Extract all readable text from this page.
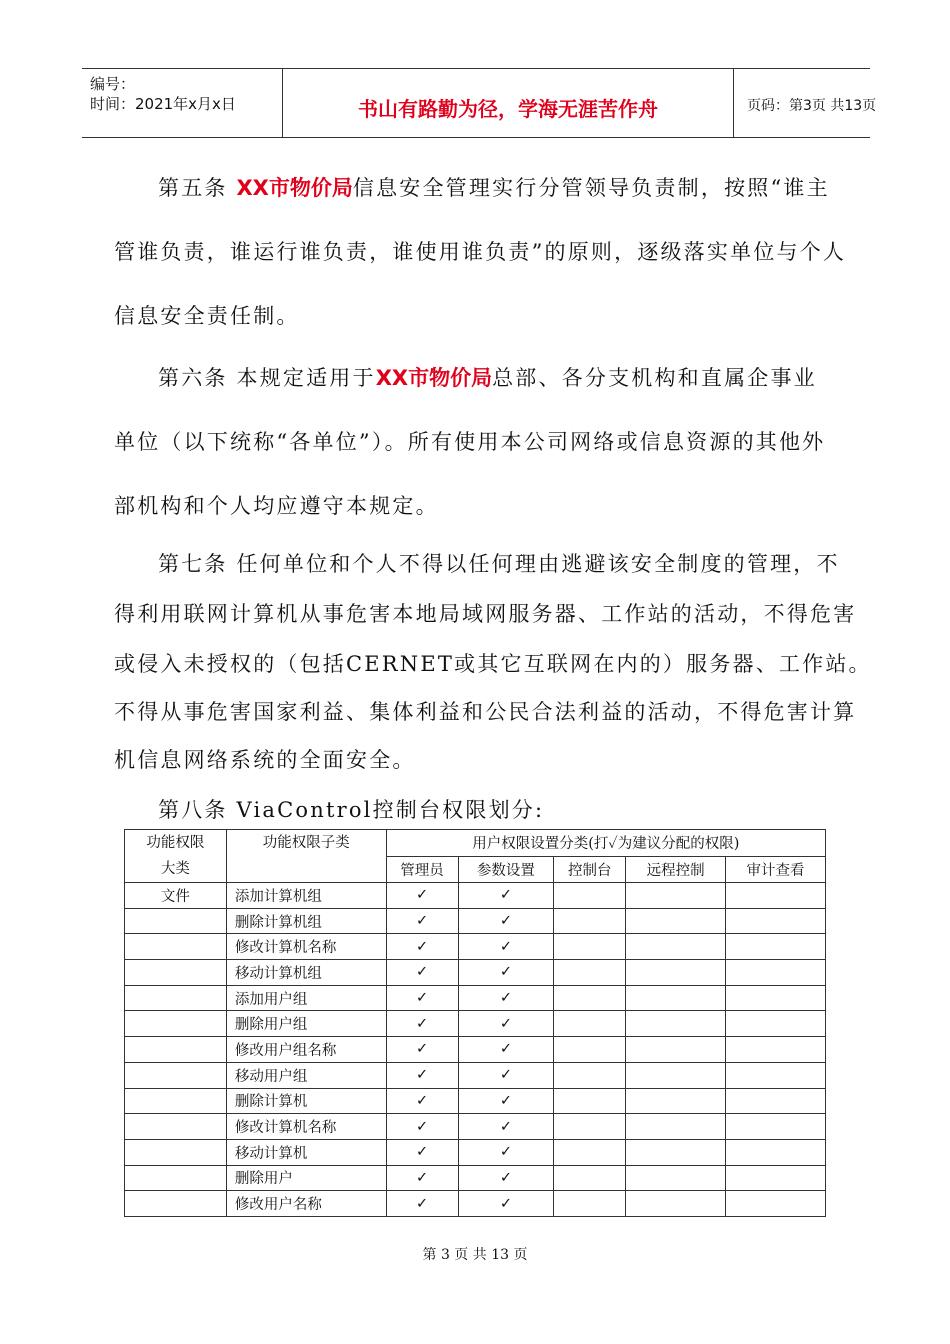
编号：
时间：2021年x月x日	书山有路勤为径，学海无涯苦作舟	页码：第3页 共13页
第五条 XX市物价局信息安全管理实行分管领导负责制，按照“谁主
管谁负责，谁运行谁负责，谁使用谁负责”的原则，逐级落实单位与个人
信息安全责任制。
第六条 本规定适用于XX市物价局总部、各分支机构和直属企事业
单位（以下统称“各单位”）。所有使用本公司网络或信息资源的其他外
部机构和个人均应遵守本规定。
第七条 任何单位和个人不得以任何理由逃避该安全制度的管理，不
得利用联网计算机从事危害本地局域网服务器、工作站的活动，不得危害
或侵入未授权的（包括CERNET或其它互联网在内的）服务器、工作站。
不得从事危害国家利益、集体利益和公民合法利益的活动，不得危害计算
机信息网络系统的全面安全。
第八条 ViaControl控制台权限划分:
功能权限
大类	功能权限子类	用户权限设置分类(打✓为建议分配的权限)				
		管理员	参数设置	控制台	远程控制	审计查看
文件	添加计算机组	✓	✓			
	删除计算机组	✓	✓			
	修改计算机名称	✓	✓			
	移动计算机组	✓	✓			
	添加用户组	✓	✓			
	删除用户组	✓	✓			
	修改用户组名称	✓	✓			
	移动用户组	✓	✓			
	删除计算机	✓	✓			
	修改计算机名称	✓	✓			
	移动计算机	✓	✓			
	删除用户	✓	✓			
	修改用户名称	✓	✓			
第 3 页 共 13 页
